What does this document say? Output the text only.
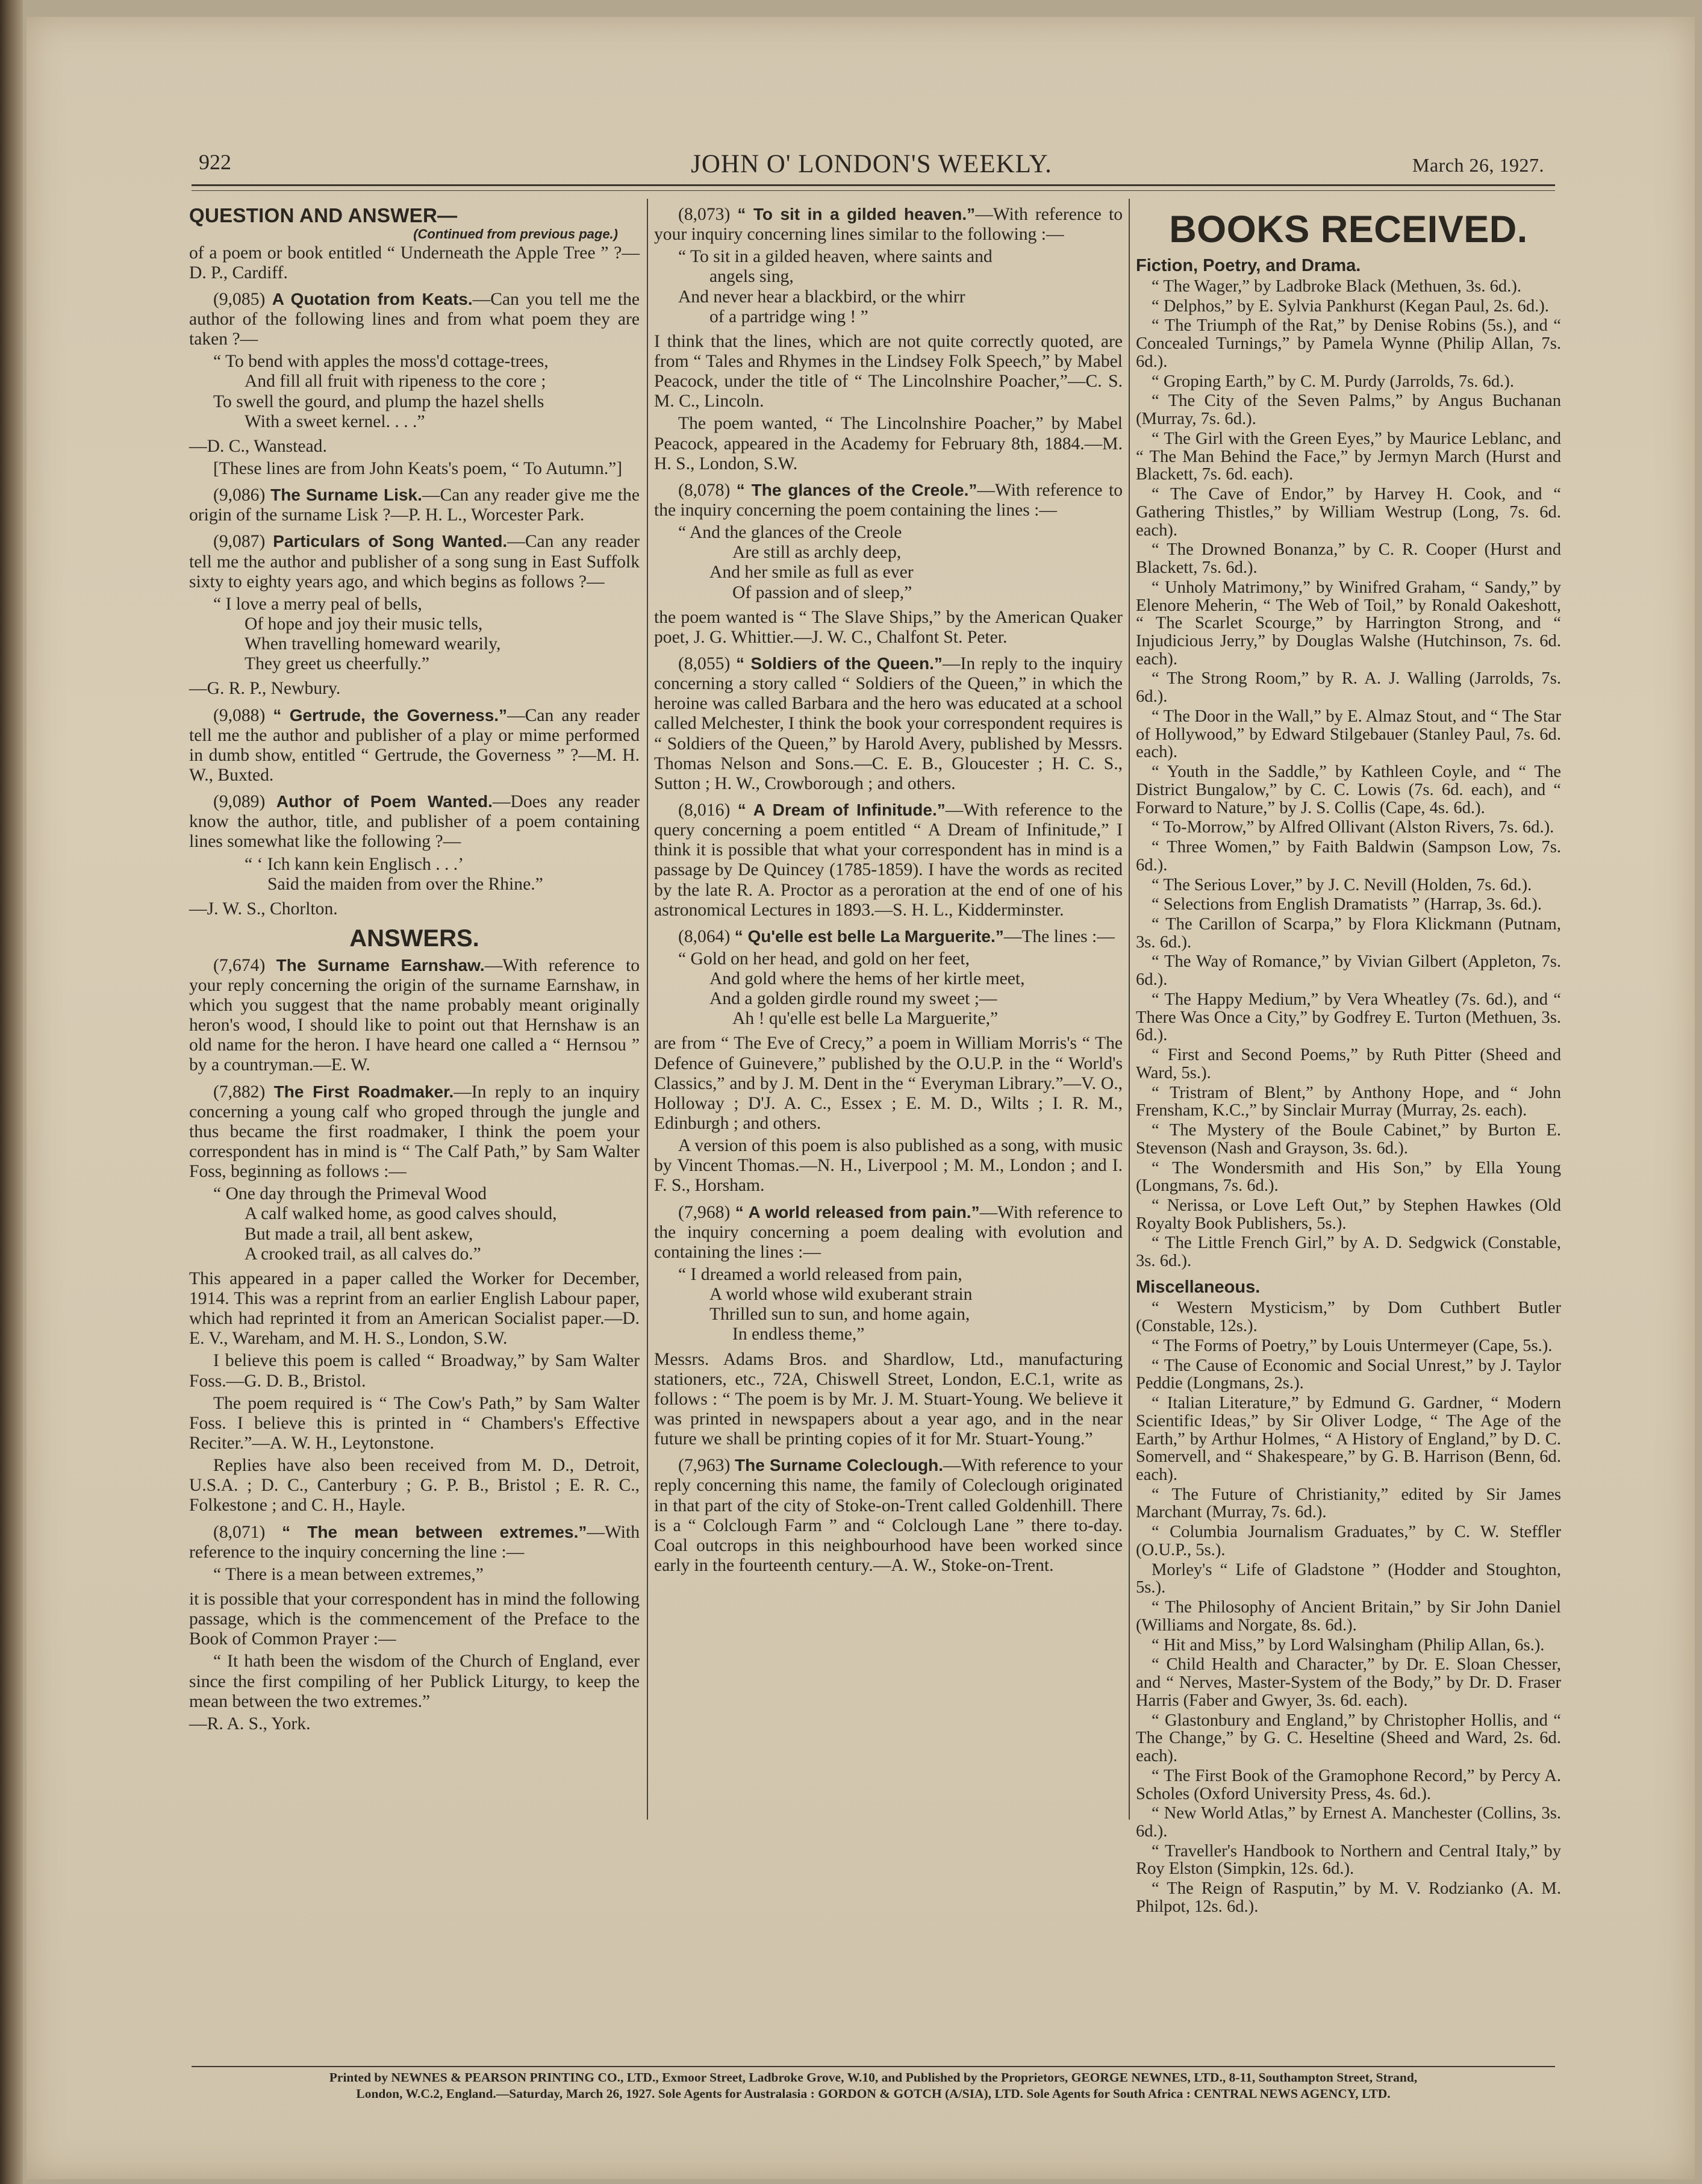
922	JOHN O' LONDON'S WEEKLY.	March 26, 1927.
QUESTION AND ANSWER—
(Continued from previous page.)

of a poem or book entitled “ Underneath the Apple Tree ” ?—D. P., Cardiff.

(9,085) A Quotation from Keats.—Can you tell me the author of the following lines and from what poem they are taken ?—

“ To bend with apples the moss'd cottage-trees,
And fill all fruit with ripeness to the core ;
To swell the gourd, and plump the hazel shells
With a sweet kernel. . . .”

—D. C., Wanstead.

[These lines are from John Keats's poem, “ To Autumn.”]

(9,086) The Surname Lisk.—Can any reader give me the origin of the surname Lisk ?—P. H. L., Worcester Park.

(9,087) Particulars of Song Wanted.—Can any reader tell me the author and publisher of a song sung in East Suffolk sixty to eighty years ago, and which begins as follows ?—

“ I love a merry peal of bells,
Of hope and joy their music tells,
When travelling homeward wearily,
They greet us cheerfully.”

—G. R. P., Newbury.

(9,088) “ Gertrude, the Governess.”—Can any reader tell me the author and publisher of a play or mime performed in dumb show, entitled “ Gertrude, the Governess ” ?—M. H. W., Buxted.

(9,089) Author of Poem Wanted.—Does any reader know the author, title, and publisher of a poem containing lines somewhat like the following ?—

“ ‘ Ich kann kein Englisch . . .’
Said the maiden from over the Rhine.”

—J. W. S., Chorlton.

ANSWERS.

(7,674) The Surname Earnshaw.—With reference to your reply concerning the origin of the surname Earnshaw, in which you suggest that the name probably meant originally heron's wood, I should like to point out that Hernshaw is an old name for the heron. I have heard one called a “ Hernsou ” by a countryman.—E. W.

(7,882) The First Roadmaker.—In reply to an inquiry concerning a young calf who groped through the jungle and thus became the first roadmaker, I think the poem your correspondent has in mind is “ The Calf Path,” by Sam Walter Foss, beginning as follows :—

“ One day through the Primeval Wood
A calf walked home, as good calves should,
But made a trail, all bent askew,
A crooked trail, as all calves do.”

This appeared in a paper called the Worker for December, 1914. This was a reprint from an earlier English Labour paper, which had reprinted it from an American Socialist paper.—D. E. V., Wareham, and M. H. S., London, S.W.

I believe this poem is called “ Broadway,” by Sam Walter Foss.—G. D. B., Bristol.

The poem required is “ The Cow's Path,” by Sam Walter Foss. I believe this is printed in “ Chambers's Effective Reciter.”—A. W. H., Leytonstone.

Replies have also been received from M. D., Detroit, U.S.A. ; D. C., Canterbury ; G. P. B., Bristol ; E. R. C., Folkestone ; and C. H., Hayle.

(8,071) “ The mean between extremes.”—With reference to the inquiry concerning the line :—

“ There is a mean between extremes,”

it is possible that your correspondent has in mind the following passage, which is the commencement of the Preface to the Book of Common Prayer :—

“ It hath been the wisdom of the Church of England, ever since the first compiling of her Publick Liturgy, to keep the mean between the two extremes.”

—R. A. S., York.

(8,073) “ To sit in a gilded heaven.”—With reference to your inquiry concerning lines similar to the following :—

“ To sit in a gilded heaven, where saints and
angels sing,
And never hear a blackbird, or the whirr
of a partridge wing ! ”

I think that the lines, which are not quite correctly quoted, are from “ Tales and Rhymes in the Lindsey Folk Speech,” by Mabel Peacock, under the title of “ The Lincolnshire Poacher,”—C. S. M. C., Lincoln.

The poem wanted, “ The Lincolnshire Poacher,” by Mabel Peacock, appeared in the Academy for February 8th, 1884.—M. H. S., London, S.W.

(8,078) “ The glances of the Creole.”—With reference to the inquiry concerning the poem containing the lines :—

“ And the glances of the Creole
Are still as archly deep,
And her smile as full as ever
Of passion and of sleep,”

the poem wanted is “ The Slave Ships,” by the American Quaker poet, J. G. Whittier.—J. W. C., Chalfont St. Peter.

(8,055) “ Soldiers of the Queen.”—In reply to the inquiry concerning a story called “ Soldiers of the Queen,” in which the heroine was called Barbara and the hero was educated at a school called Melchester, I think the book your correspondent requires is “ Soldiers of the Queen,” by Harold Avery, published by Messrs. Thomas Nelson and Sons.—C. E. B., Gloucester ; H. C. S., Sutton ; H. W., Crowborough ; and others.

(8,016) “ A Dream of Infinitude.”—With reference to the query concerning a poem entitled “ A Dream of Infinitude,” I think it is possible that what your correspondent has in mind is a passage by De Quincey (1785-1859). I have the words as recited by the late R. A. Proctor as a peroration at the end of one of his astronomical Lectures in 1893.—S. H. L., Kidderminster.

(8,064) “ Qu'elle est belle La Marguerite.”—The lines :—

“ Gold on her head, and gold on her feet,
And gold where the hems of her kirtle meet,
And a golden girdle round my sweet ;—
Ah ! qu'elle est belle La Marguerite,”

are from “ The Eve of Crecy,” a poem in William Morris's “ The Defence of Guinevere,” published by the O.U.P. in the “ World's Classics,” and by J. M. Dent in the “ Everyman Library.”—V. O., Holloway ; D'J. A. C., Essex ; E. M. D., Wilts ; I. R. M., Edinburgh ; and others.

A version of this poem is also published as a song, with music by Vincent Thomas.—N. H., Liverpool ; M. M., London ; and I. F. S., Horsham.

(7,968) “ A world released from pain.”—With reference to the inquiry concerning a poem dealing with evolution and containing the lines :—

“ I dreamed a world released from pain,
A world whose wild exuberant strain
Thrilled sun to sun, and home again,
In endless theme,”

Messrs. Adams Bros. and Shardlow, Ltd., manufacturing stationers, etc., 72A, Chiswell Street, London, E.C.1, write as follows : “ The poem is by Mr. J. M. Stuart-Young. We believe it was printed in newspapers about a year ago, and in the near future we shall be printing copies of it for Mr. Stuart-Young.”

(7,963) The Surname Coleclough.—With reference to your reply concerning this name, the family of Coleclough originated in that part of the city of Stoke-on-Trent called Goldenhill. There is a “ Colclough Farm ” and “ Colclough Lane ” there to-day. Coal outcrops in this neighbourhood have been worked since early in the fourteenth century.—A. W., Stoke-on-Trent.

BOOKS RECEIVED.
Fiction, Poetry, and Drama.

“ The Wager,” by Ladbroke Black (Methuen, 3s. 6d.).

“ Delphos,” by E. Sylvia Pankhurst (Kegan Paul, 2s. 6d.).

“ The Triumph of the Rat,” by Denise Robins (5s.), and “ Concealed Turnings,” by Pamela Wynne (Philip Allan, 7s. 6d.).

“ Groping Earth,” by C. M. Purdy (Jarrolds, 7s. 6d.).

“ The City of the Seven Palms,” by Angus Buchanan (Murray, 7s. 6d.).

“ The Girl with the Green Eyes,” by Maurice Leblanc, and “ The Man Behind the Face,” by Jermyn March (Hurst and Blackett, 7s. 6d. each).

“ The Cave of Endor,” by Harvey H. Cook, and “ Gathering Thistles,” by William Westrup (Long, 7s. 6d. each).

“ The Drowned Bonanza,” by C. R. Cooper (Hurst and Blackett, 7s. 6d.).

“ Unholy Matrimony,” by Winifred Graham, “ Sandy,” by Elenore Meherin, “ The Web of Toil,” by Ronald Oakeshott, “ The Scarlet Scourge,” by Harrington Strong, and “ Injudicious Jerry,” by Douglas Walshe (Hutchinson, 7s. 6d. each).

“ The Strong Room,” by R. A. J. Walling (Jarrolds, 7s. 6d.).

“ The Door in the Wall,” by E. Almaz Stout, and “ The Star of Hollywood,” by Edward Stilgebauer (Stanley Paul, 7s. 6d. each).

“ Youth in the Saddle,” by Kathleen Coyle, and “ The District Bungalow,” by C. C. Lowis (7s. 6d. each), and “ Forward to Nature,” by J. S. Collis (Cape, 4s. 6d.).

“ To-Morrow,” by Alfred Ollivant (Alston Rivers, 7s. 6d.).

“ Three Women,” by Faith Baldwin (Sampson Low, 7s. 6d.).

“ The Serious Lover,” by J. C. Nevill (Holden, 7s. 6d.).

“ Selections from English Dramatists ” (Harrap, 3s. 6d.).

“ The Carillon of Scarpa,” by Flora Klickmann (Putnam, 3s. 6d.).

“ The Way of Romance,” by Vivian Gilbert (Appleton, 7s. 6d.).

“ The Happy Medium,” by Vera Wheatley (7s. 6d.), and “ There Was Once a City,” by Godfrey E. Turton (Methuen, 3s. 6d.).

“ First and Second Poems,” by Ruth Pitter (Sheed and Ward, 5s.).

“ Tristram of Blent,” by Anthony Hope, and “ John Frensham, K.C.,” by Sinclair Murray (Murray, 2s. each).

“ The Mystery of the Boule Cabinet,” by Burton E. Stevenson (Nash and Grayson, 3s. 6d.).

“ The Wondersmith and His Son,” by Ella Young (Longmans, 7s. 6d.).

“ Nerissa, or Love Left Out,” by Stephen Hawkes (Old Royalty Book Publishers, 5s.).

“ The Little French Girl,” by A. D. Sedgwick (Constable, 3s. 6d.).

Miscellaneous.

“ Western Mysticism,” by Dom Cuthbert Butler (Constable, 12s.).

“ The Forms of Poetry,” by Louis Untermeyer (Cape, 5s.).

“ The Cause of Economic and Social Unrest,” by J. Taylor Peddie (Longmans, 2s.).

“ Italian Literature,” by Edmund G. Gardner, “ Modern Scientific Ideas,” by Sir Oliver Lodge, “ The Age of the Earth,” by Arthur Holmes, “ A History of England,” by D. C. Somervell, and “ Shakespeare,” by G. B. Harrison (Benn, 6d. each).

“ The Future of Christianity,” edited by Sir James Marchant (Murray, 7s. 6d.).

“ Columbia Journalism Graduates,” by C. W. Steffler (O.U.P., 5s.).

Morley's “ Life of Gladstone ” (Hodder and Stoughton, 5s.).

“ The Philosophy of Ancient Britain,” by Sir John Daniel (Williams and Norgate, 8s. 6d.).

“ Hit and Miss,” by Lord Walsingham (Philip Allan, 6s.).

“ Child Health and Character,” by Dr. E. Sloan Chesser, and “ Nerves, Master-System of the Body,” by Dr. D. Fraser Harris (Faber and Gwyer, 3s. 6d. each).

“ Glastonbury and England,” by Christopher Hollis, and “ The Change,” by G. C. Heseltine (Sheed and Ward, 2s. 6d. each).

“ The First Book of the Gramophone Record,” by Percy A. Scholes (Oxford University Press, 4s. 6d.).

“ New World Atlas,” by Ernest A. Manchester (Collins, 3s. 6d.).

“ Traveller's Handbook to Northern and Central Italy,” by Roy Elston (Simpkin, 12s. 6d.).

“ The Reign of Rasputin,” by M. V. Rodzianko (A. M. Philpot, 12s. 6d.).

Printed by NEWNES & PEARSON PRINTING CO., LTD., Exmoor Street, Ladbroke Grove, W.10, and Published by the Proprietors, GEORGE NEWNES, LTD., 8-11, Southampton Street, Strand,
London, W.C.2, England.—Saturday, March 26, 1927. Sole Agents for Australasia : GORDON & GOTCH (A/SIA), LTD. Sole Agents for South Africa : CENTRAL NEWS AGENCY, LTD.
